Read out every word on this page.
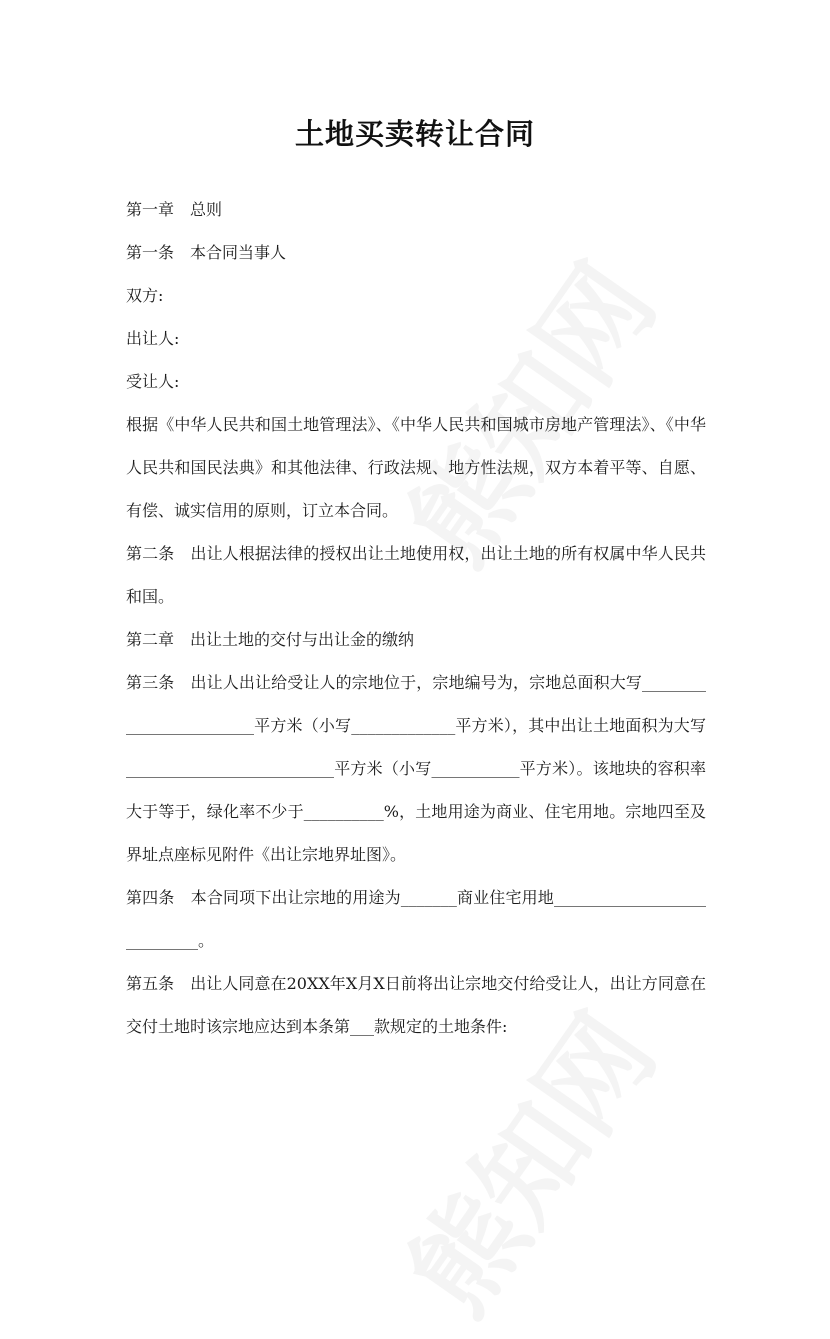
土地买卖转让合同

第一章 总则

第一条 本合同当事人

双方:

出让人:

受让人:

根据《中华人民共和国土地管理法》、《中华人民共和国城市房地产管理法》、《中华人民共和国民法典》和其他法律、行政法规、地方性法规，双方本着平等、自愿、有偿、诚实信用的原则，订立本合同。

第二条 出让人根据法律的授权出让土地使用权，出让土地的所有权属中华人民共和国。

第二章 出让土地的交付与出让金的缴纳

第三条 出让人出让给受让人的宗地位于，宗地编号为，宗地总面积大写________________________平方米（小写_____________平方米），其中出让土地面积为大写__________________________平方米（小写___________平方米）。该地块的容积率大于等于，绿化率不少于__________%，土地用途为商业、住宅用地。宗地四至及界址点座标见附件《出让宗地界址图》。

第四条 本合同项下出让宗地的用途为_______商业住宅用地____________________________。

第五条 出让人同意在20XX年X月X日前将出让宗地交付给受让人，出让方同意在交付土地时该宗地应达到本条第___款规定的土地条件:
